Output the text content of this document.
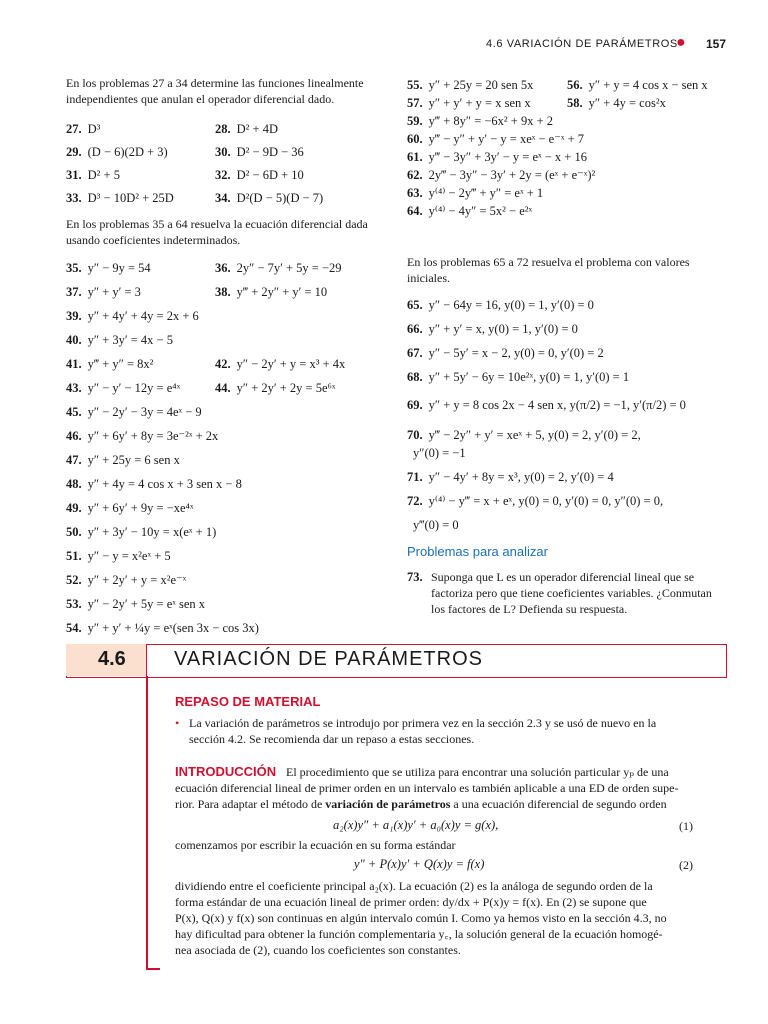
4.6 VARIACIÓN DE PARÁMETROS
● 157
En los problemas 27 a 34 determine las funciones linealmente independientes que anulan el operador diferencial dado.
27. D³	28. D² + 4D
29. (D − 6)(2D + 3)	30. D² − 9D − 36
31. D² + 5	32. D² − 6D + 10
33. D³ − 10D² + 25D	34. D²(D − 5)(D − 7)
En los problemas 35 a 64 resuelva la ecuación diferencial dada usando coeficientes indeterminados.
35. y″ − 9y = 54	36. 2y″ − 7y′ + 5y = −29
37. y″ + y′ = 3	38. y‴ + 2y″ + y′ = 10
39. y″ + 4y′ + 4y = 2x + 6
40. y″ + 3y′ = 4x − 5
41. y‴ + y″ = 8x²	42. y″ − 2y′ + y = x³ + 4x
43. y″ − y′ − 12y = e⁴ˣ	44. y″ + 2y′ + 2y = 5e⁶ˣ
45. y″ − 2y′ − 3y = 4eˣ − 9
46. y″ + 6y′ + 8y = 3e⁻²ˣ + 2x
47. y″ + 25y = 6 sen x
48. y″ + 4y = 4 cos x + 3 sen x − 8
49. y″ + 6y′ + 9y = −xe⁴ˣ
50. y″ + 3y′ − 10y = x(eˣ + 1)
51. y″ − y = x²eˣ + 5
52. y″ + 2y′ + y = x²e⁻ˣ
53. y″ − 2y′ + 5y = eˣ sen x
54. y″ + y′ + ¼y = eˣ(sen 3x − cos 3x)
55. y″ + 25y = 20 sen 5x	56. y″ + y = 4 cos x − sen x
57. y″ + y′ + y = x sen x	58. y″ + 4y = cos²x
59. y‴ + 8y″ = −6x² + 9x + 2
60. y‴ − y″ + y′ − y = xeˣ − e⁻ˣ + 7
61. y‴ − 3y″ + 3y′ − y = eˣ − x + 16
62. 2y‴ − 3y″ − 3y′ + 2y = (eˣ + e⁻ˣ)²
63. y⁽⁴⁾ − 2y‴ + y″ = eˣ + 1
64. y⁽⁴⁾ − 4y″ = 5x² − e²ˣ
En los problemas 65 a 72 resuelva el problema con valores iniciales.
65. y″ − 64y = 16, y(0) = 1, y′(0) = 0
66. y″ + y′ = x, y(0) = 1, y′(0) = 0
67. y″ − 5y′ = x − 2, y(0) = 0, y′(0) = 2
68. y″ + 5y′ − 6y = 10e²ˣ, y(0) = 1, y′(0) = 1
69. y″ + y = 8 cos 2x − 4 sen x, y(π/2) = −1, y′(π/2) = 0
70. y‴ − 2y″ + y′ = xeˣ + 5, y(0) = 2, y′(0) = 2,
y″(0) = −1
71. y″ − 4y′ + 8y = x³, y(0) = 2, y′(0) = 4
72. y⁽⁴⁾ − y‴ = x + eˣ, y(0) = 0, y′(0) = 0, y″(0) = 0,
y‴(0) = 0
Problemas para analizar
73. Suponga que L es un operador diferencial lineal que se
factoriza pero que tiene coeficientes variables. ¿Conmutan
los factores de L? Defienda su respuesta.
4.6 VARIACIÓN DE PARÁMETROS
REPASO DE MATERIAL
• La variación de parámetros se introdujo por primera vez en la sección 2.3 y se usó de nuevo en la
sección 4.2. Se recomienda dar un repaso a estas secciones.
INTRODUCCIÓN El procedimiento que se utiliza para encontrar una solución particular yₚ de una
ecuación diferencial lineal de primer orden en un intervalo es también aplicable a una ED de orden supe-
rior. Para adaptar el método de variación de parámetros a una ecuación diferencial de segundo orden
a₂(x)y″ + a₁(x)y′ + a₀(x)y = g(x),	(1)
comenzamos por escribir la ecuación en su forma estándar
y″ + P(x)y′ + Q(x)y = f(x)	(2)
dividiendo entre el coeficiente principal a₂(x). La ecuación (2) es la análoga de segundo orden de la
forma estándar de una ecuación lineal de primer orden: dy/dx + P(x)y = f(x). En (2) se supone que
P(x), Q(x) y f(x) son continuas en algún intervalo común I. Como ya hemos visto en la sección 4.3, no
hay dificultad para obtener la función complementaria y꜀, la solución general de la ecuación homogé-
nea asociada de (2), cuando los coeficientes son constantes.
